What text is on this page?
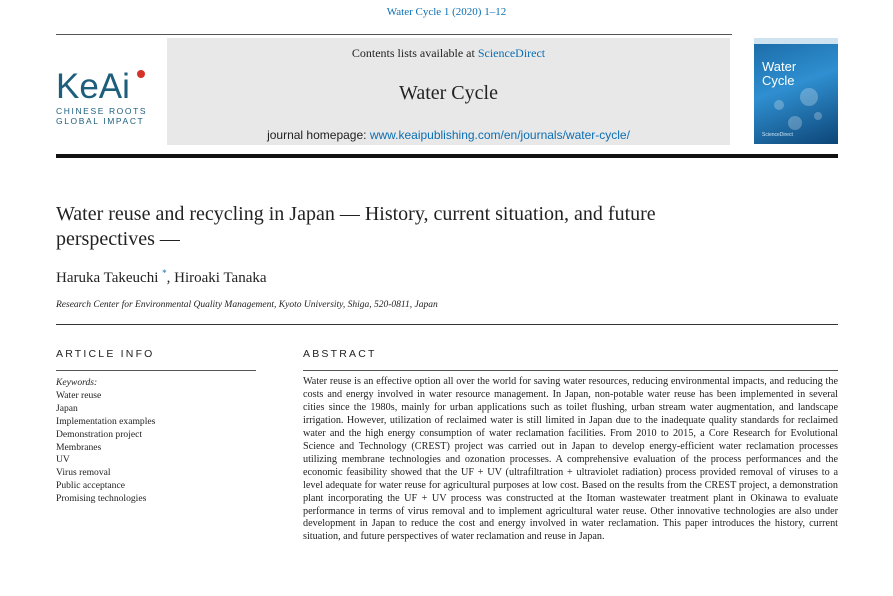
Water Cycle 1 (2020) 1–12
KeAi
CHINESE ROOTS
GLOBAL IMPACT
Contents lists available at ScienceDirect
Water Cycle
journal homepage: www.keaipublishing.com/en/journals/water-cycle/
Water
Cycle
ScienceDirect
Water reuse and recycling in Japan — History, current situation, and future perspectives —
Haruka Takeuchi *, Hiroaki Tanaka
Research Center for Environmental Quality Management, Kyoto University, Shiga, 520-0811, Japan
ARTICLE INFO
Keywords:
Water reuse
Japan
Implementation examples
Demonstration project
Membranes
UV
Virus removal
Public acceptance
Promising technologies
ABSTRACT
Water reuse is an effective option all over the world for saving water resources, reducing environmental impacts, and reducing the costs and energy involved in water resource management. In Japan, non-potable water reuse has been implemented in several cities since the 1980s, mainly for urban applications such as toilet flushing, urban stream water augmentation, and landscape irrigation. However, utilization of reclaimed water is still limited in Japan due to the inadequate quality standards for reclaimed water and the high energy consumption of water reclamation facilities. From 2010 to 2015, a Core Research for Evolutional Science and Technology (CREST) project was carried out in Japan to develop energy-efficient water reclamation processes utilizing membrane technologies and ozonation processes. A comprehensive evaluation of the process performances and the economic feasibility showed that the UF + UV (ultrafiltration + ultraviolet radiation) process provided removal of viruses to a level adequate for water reuse for agricultural purposes at low cost. Based on the results from the CREST project, a demonstration plant incorporating the UF + UV process was constructed at the Itoman wastewater treatment plant in Okinawa to evaluate performance in terms of virus removal and to implement agricultural water reuse. Other innovative technologies are also under development in Japan to reduce the cost and energy involved in water reclamation. This paper introduces the history, current situation, and future perspectives of water reclamation and reuse in Japan.
